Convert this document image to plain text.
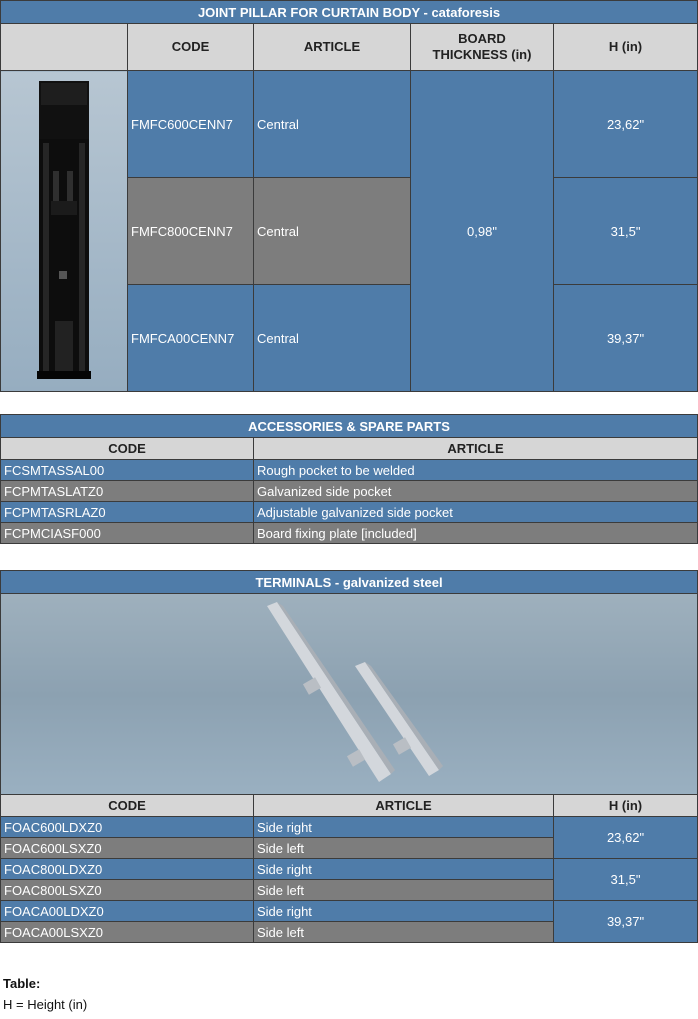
JOINT PILLAR FOR CURTAIN BODY - cataforesis				
	CODE	ARTICLE	BOARD THICKNESS (in)	H (in)

	FMFC600CENN7	Central	0,98"	23,62"
	FMFC800CENN7	Central		31,5"
	FMFCA00CENN7	Central		39,37"
ACCESSORIES & SPARE PARTS	
CODE	ARTICLE
FCSMTASSAL00	Rough pocket to be welded
FCPMTASLATZ0	Galvanized side pocket
FCPMTASRLAZ0	Adjustable galvanized side pocket
FCPMCIASF000	Board fixing plate [included]
TERMINALS - galvanized steel		

CODE	ARTICLE	H (in)
FOAC600LDXZ0	Side right	23,62"
FOAC600LSXZ0	Side left	
FOAC800LDXZ0	Side right	31,5"
FOAC800LSXZ0	Side left	
FOACA00LDXZ0	Side right	39,37"
FOACA00LSXZ0	Side left	
Table:
H = Height (in)
